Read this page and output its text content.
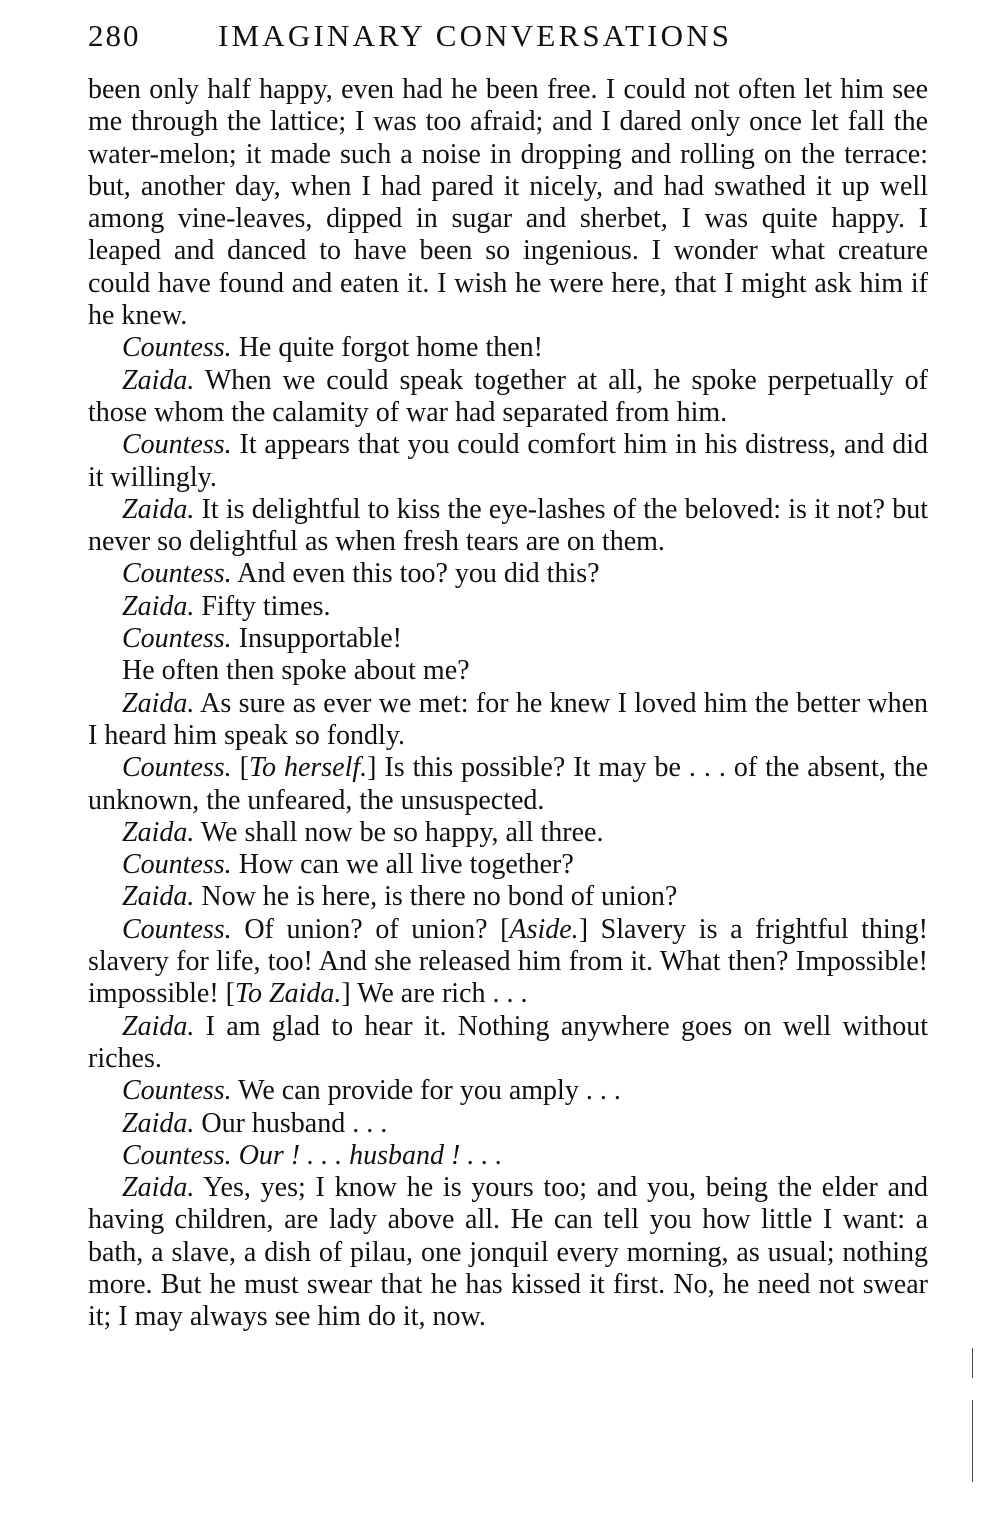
280	IMAGINARY CONVERSATIONS

been only half happy, even had he been free. I could not often let him see me through the lattice; I was too afraid; and I dared only once let fall the water-melon; it made such a noise in dropping and rolling on the terrace: but, another day, when I had pared it nicely, and had swathed it up well among vine-leaves, dipped in sugar and sherbet, I was quite happy. I leaped and danced to have been so ingenious. I wonder what creature could have found and eaten it. I wish he were here, that I might ask him if he knew.

Countess. He quite forgot home then!

Zaida. When we could speak together at all, he spoke perpetually of those whom the calamity of war had separated from him.

Countess. It appears that you could comfort him in his distress, and did it willingly.

Zaida. It is delightful to kiss the eye-lashes of the beloved: is it not? but never so delightful as when fresh tears are on them.

Countess. And even this too? you did this?

Zaida. Fifty times.

Countess. Insupportable!

He often then spoke about me?

Zaida. As sure as ever we met: for he knew I loved him the better when I heard him speak so fondly.

Countess. [To herself.] Is this possible? It may be . . . of the absent, the unknown, the unfeared, the unsuspected.

Zaida. We shall now be so happy, all three.

Countess. How can we all live together?

Zaida. Now he is here, is there no bond of union?

Countess. Of union? of union? [Aside.] Slavery is a frightful thing! slavery for life, too! And she released him from it. What then? Impossible! impossible! [To Zaida.] We are rich . . .

Zaida. I am glad to hear it. Nothing anywhere goes on well without riches.

Countess. We can provide for you amply . . .

Zaida. Our husband . . .

Countess. Our ! . . . husband ! . . .

Zaida. Yes, yes; I know he is yours too; and you, being the elder and having children, are lady above all. He can tell you how little I want: a bath, a slave, a dish of pilau, one jonquil every morning, as usual; nothing more. But he must swear that he has kissed it first. No, he need not swear it; I may always see him do it, now.
